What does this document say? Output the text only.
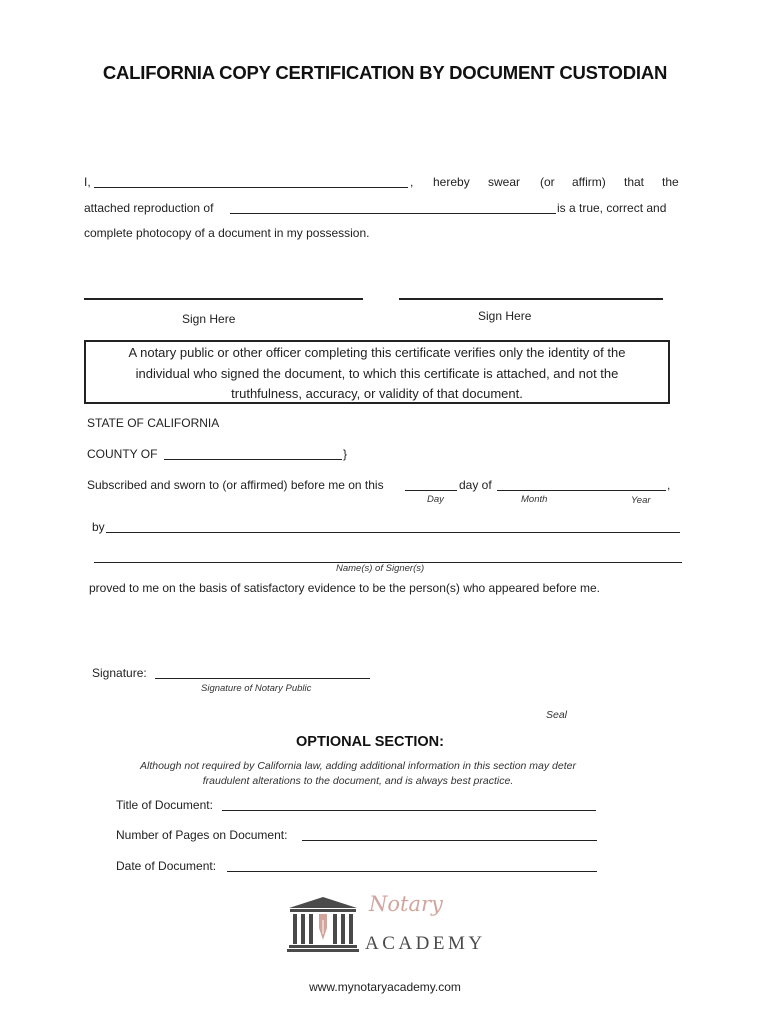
CALIFORNIA COPY CERTIFICATION BY DOCUMENT CUSTODIAN
I,	, hereby swear (or affirm) that the
attached reproduction of	is a true, correct and
complete photocopy of a document in my possession.
Sign Here	Sign Here
A notary public or other officer completing this certificate verifies only the identity of the
individual who signed the document, to which this certificate is attached, and not the
truthfulness, accuracy, or validity of that document.
STATE OF CALIFORNIA
COUNTY OF	}
Subscribed and sworn to (or affirmed) before me on this	day of	,
Day	Month	Year
by
Name(s) of Signer(s)
proved to me on the basis of satisfactory evidence to be the person(s) who appeared before me.
Signature:
Signature of Notary Public
Seal
OPTIONAL SECTION:
Although not required by California law, adding additional information in this section may deter
fraudulent alterations to the document, and is always best practice.
Title of Document:
Number of Pages on Document:
Date of Document:
Notary
ACADEMY
www.mynotaryacademy.com
